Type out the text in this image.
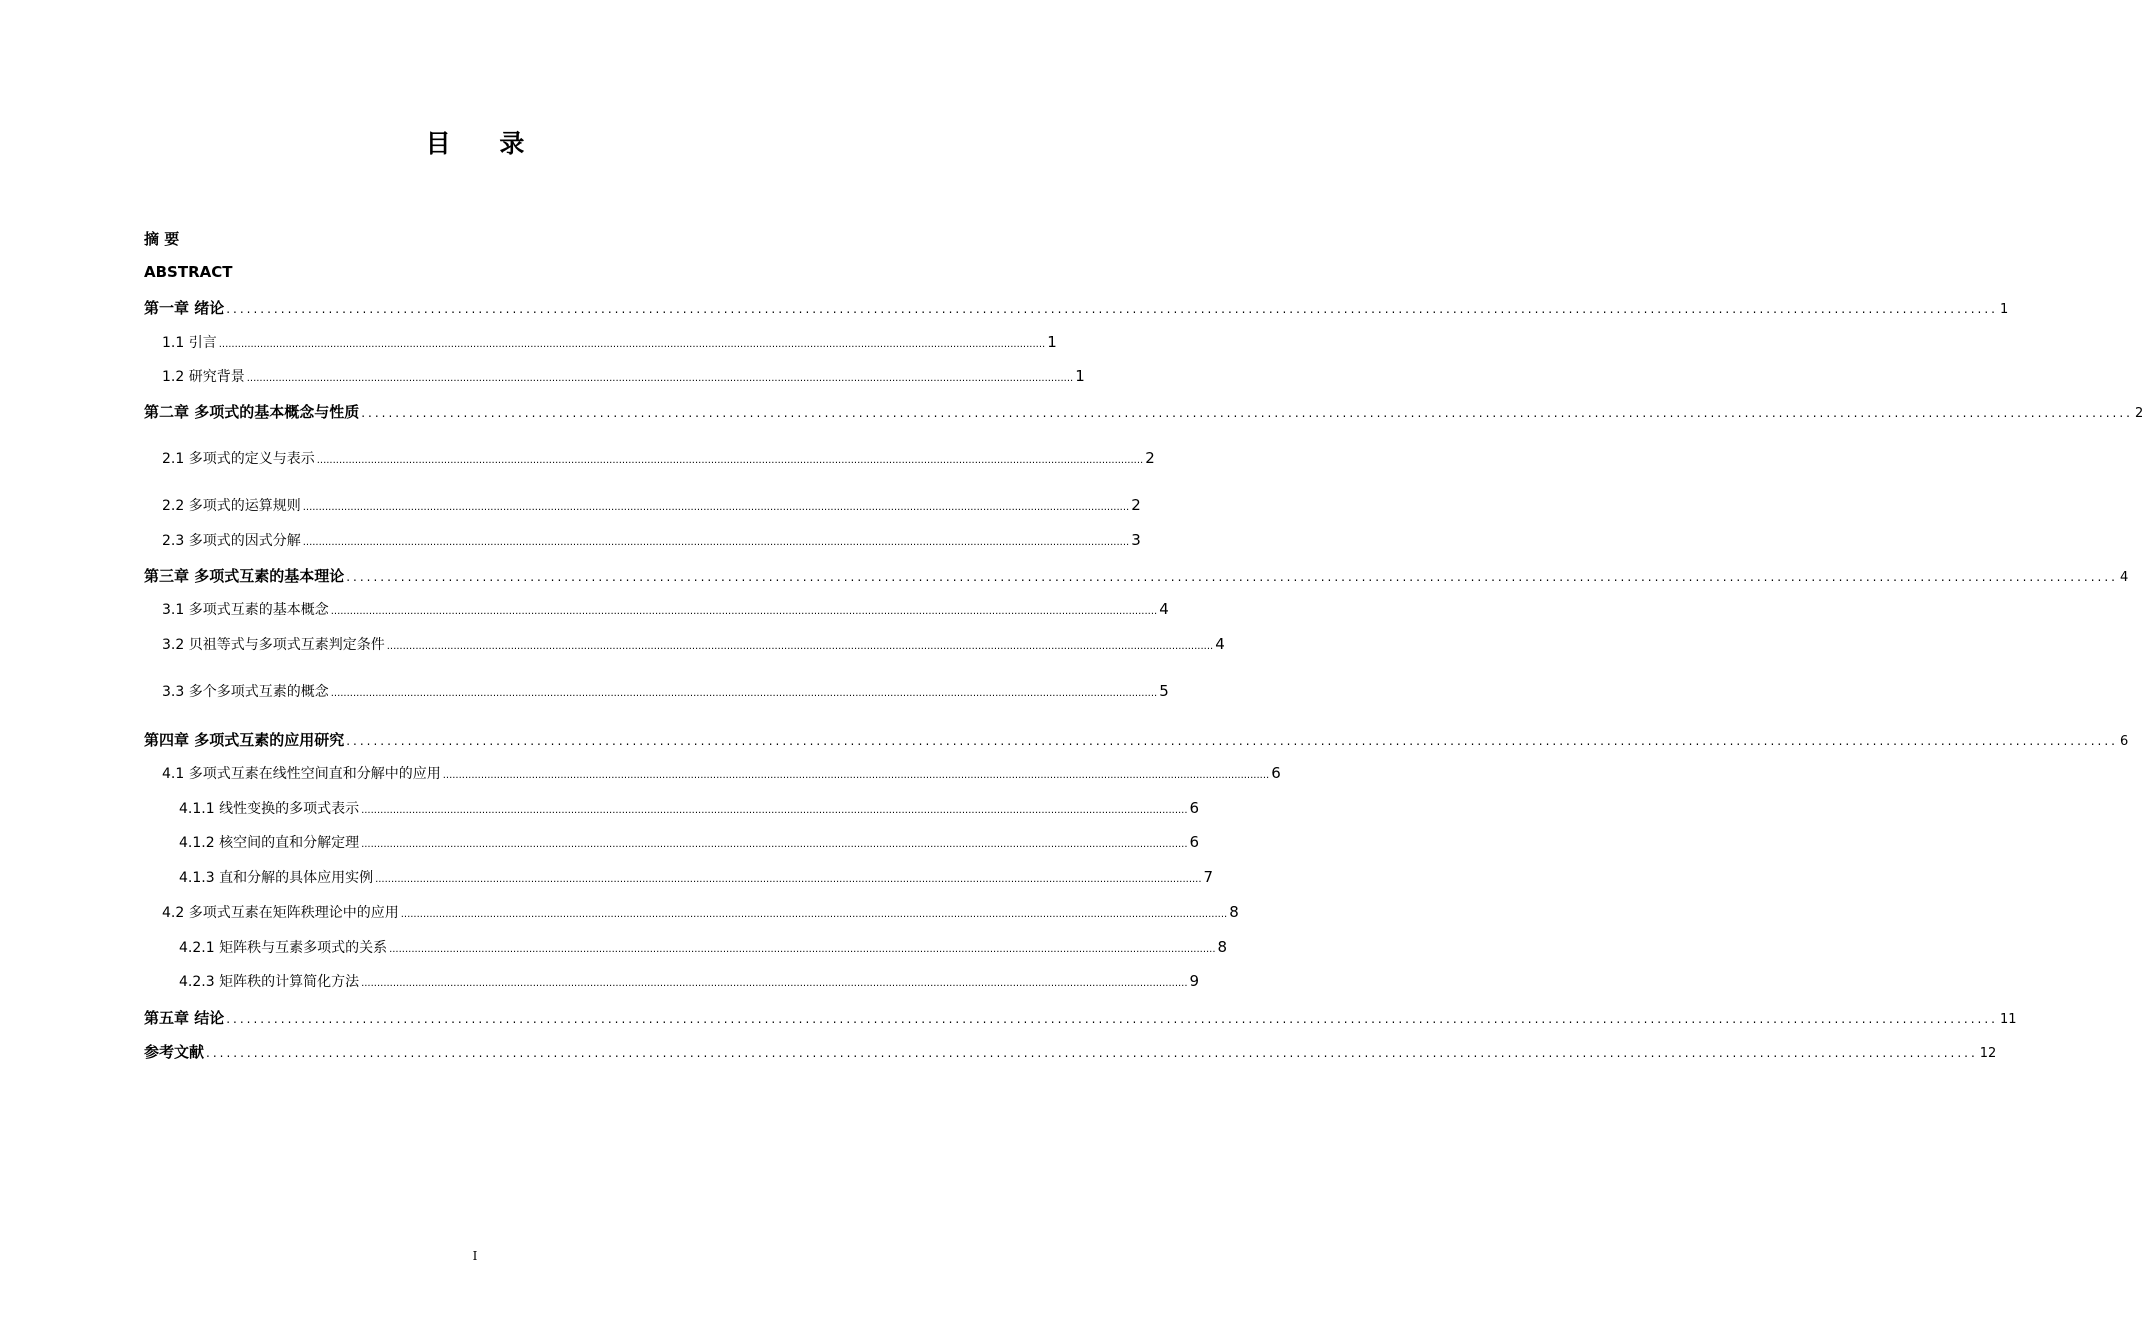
目 录
摘 要
ABSTRACT
第一章 绪论 .................................................................................................................................................................................................................................................................... 1
1.1 引言 .................................................................................................................................................................................................................................................................... 1
1.2 研究背景 .................................................................................................................................................................................................................................................................... 1
第二章 多项式的基本概念与性质 .................................................................................................................................................................................................................................................................... 2
2.1 多项式的定义与表示 .................................................................................................................................................................................................................................................................... 2
2.2 多项式的运算规则 .................................................................................................................................................................................................................................................................... 2
2.3 多项式的因式分解 .................................................................................................................................................................................................................................................................... 3
第三章 多项式互素的基本理论 .................................................................................................................................................................................................................................................................... 4
3.1 多项式互素的基本概念 .................................................................................................................................................................................................................................................................... 4
3.2 贝祖等式与多项式互素判定条件 .................................................................................................................................................................................................................................................................... 4
3.3 多个多项式互素的概念 .................................................................................................................................................................................................................................................................... 5
第四章 多项式互素的应用研究 .................................................................................................................................................................................................................................................................... 6
4.1 多项式互素在线性空间直和分解中的应用 .................................................................................................................................................................................................................................................................... 6
4.1.1 线性变换的多项式表示 .................................................................................................................................................................................................................................................................... 6
4.1.2 核空间的直和分解定理 .................................................................................................................................................................................................................................................................... 6
4.1.3 直和分解的具体应用实例 .................................................................................................................................................................................................................................................................... 7
4.2 多项式互素在矩阵秩理论中的应用 .................................................................................................................................................................................................................................................................... 8
4.2.1 矩阵秩与互素多项式的关系 .................................................................................................................................................................................................................................................................... 8
4.2.3 矩阵秩的计算简化方法 .................................................................................................................................................................................................................................................................... 9
第五章 结论 .................................................................................................................................................................................................................................................................... 11
参考文献 .................................................................................................................................................................................................................................................................... 12
I
